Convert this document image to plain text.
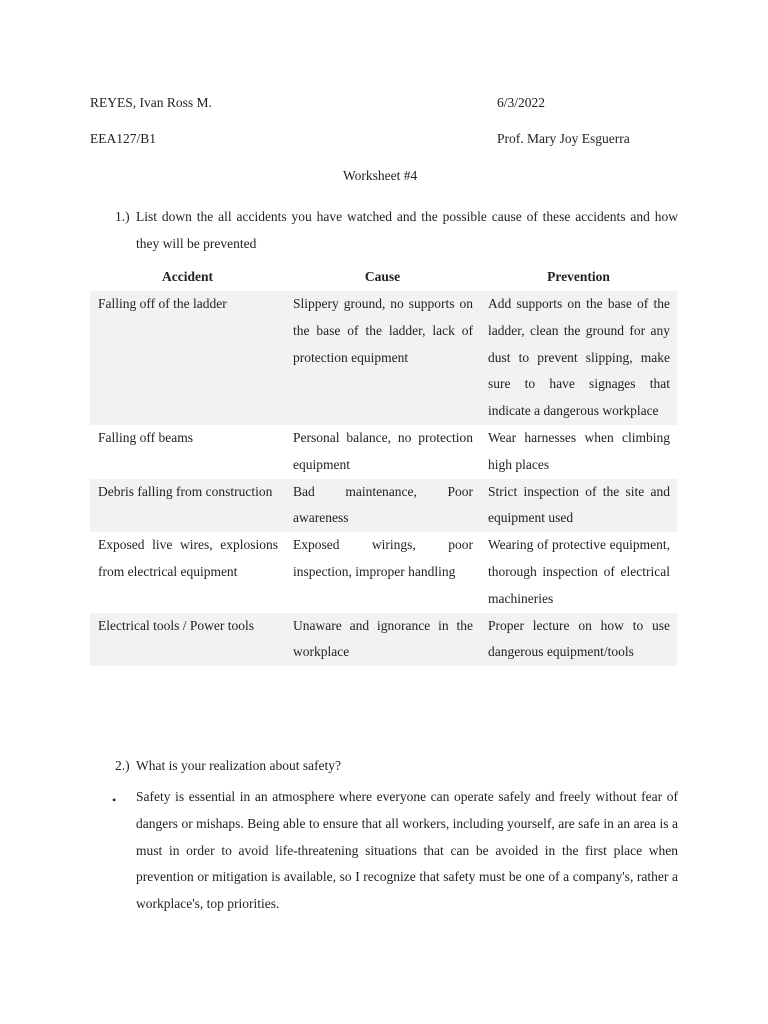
REYES, Ivan Ross M.	6/3/2022
EEA127/B1	Prof. Mary Joy Esguerra
Worksheet #4
1.) List down the all accidents you have watched and the possible cause of these accidents and how they will be prevented
Accident	Cause	Prevention
Falling off of the ladder	Slippery ground, no supports on the base of the ladder, lack of protection equipment	Add supports on the base of the ladder, clean the ground for any dust to prevent slipping, make sure to have signages that indicate a dangerous workplace
Falling off beams	Personal balance, no protection equipment	Wear harnesses when climbing high places
Debris falling from construction	Bad maintenance, Poor awareness	Strict inspection of the site and equipment used
Exposed live wires, explosions from electrical equipment	Exposed wirings, poor inspection, improper handling	Wearing of protective equipment, thorough inspection of electrical machineries
Electrical tools / Power tools	Unaware and ignorance in the workplace	Proper lecture on how to use dangerous equipment/tools
2.) What is your realization about safety?
• Safety is essential in an atmosphere where everyone can operate safely and freely without fear of dangers or mishaps. Being able to ensure that all workers, including yourself, are safe in an area is a must in order to avoid life-threatening situations that can be avoided in the first place when prevention or mitigation is available, so I recognize that safety must be one of a company's, rather a workplace's, top priorities.
